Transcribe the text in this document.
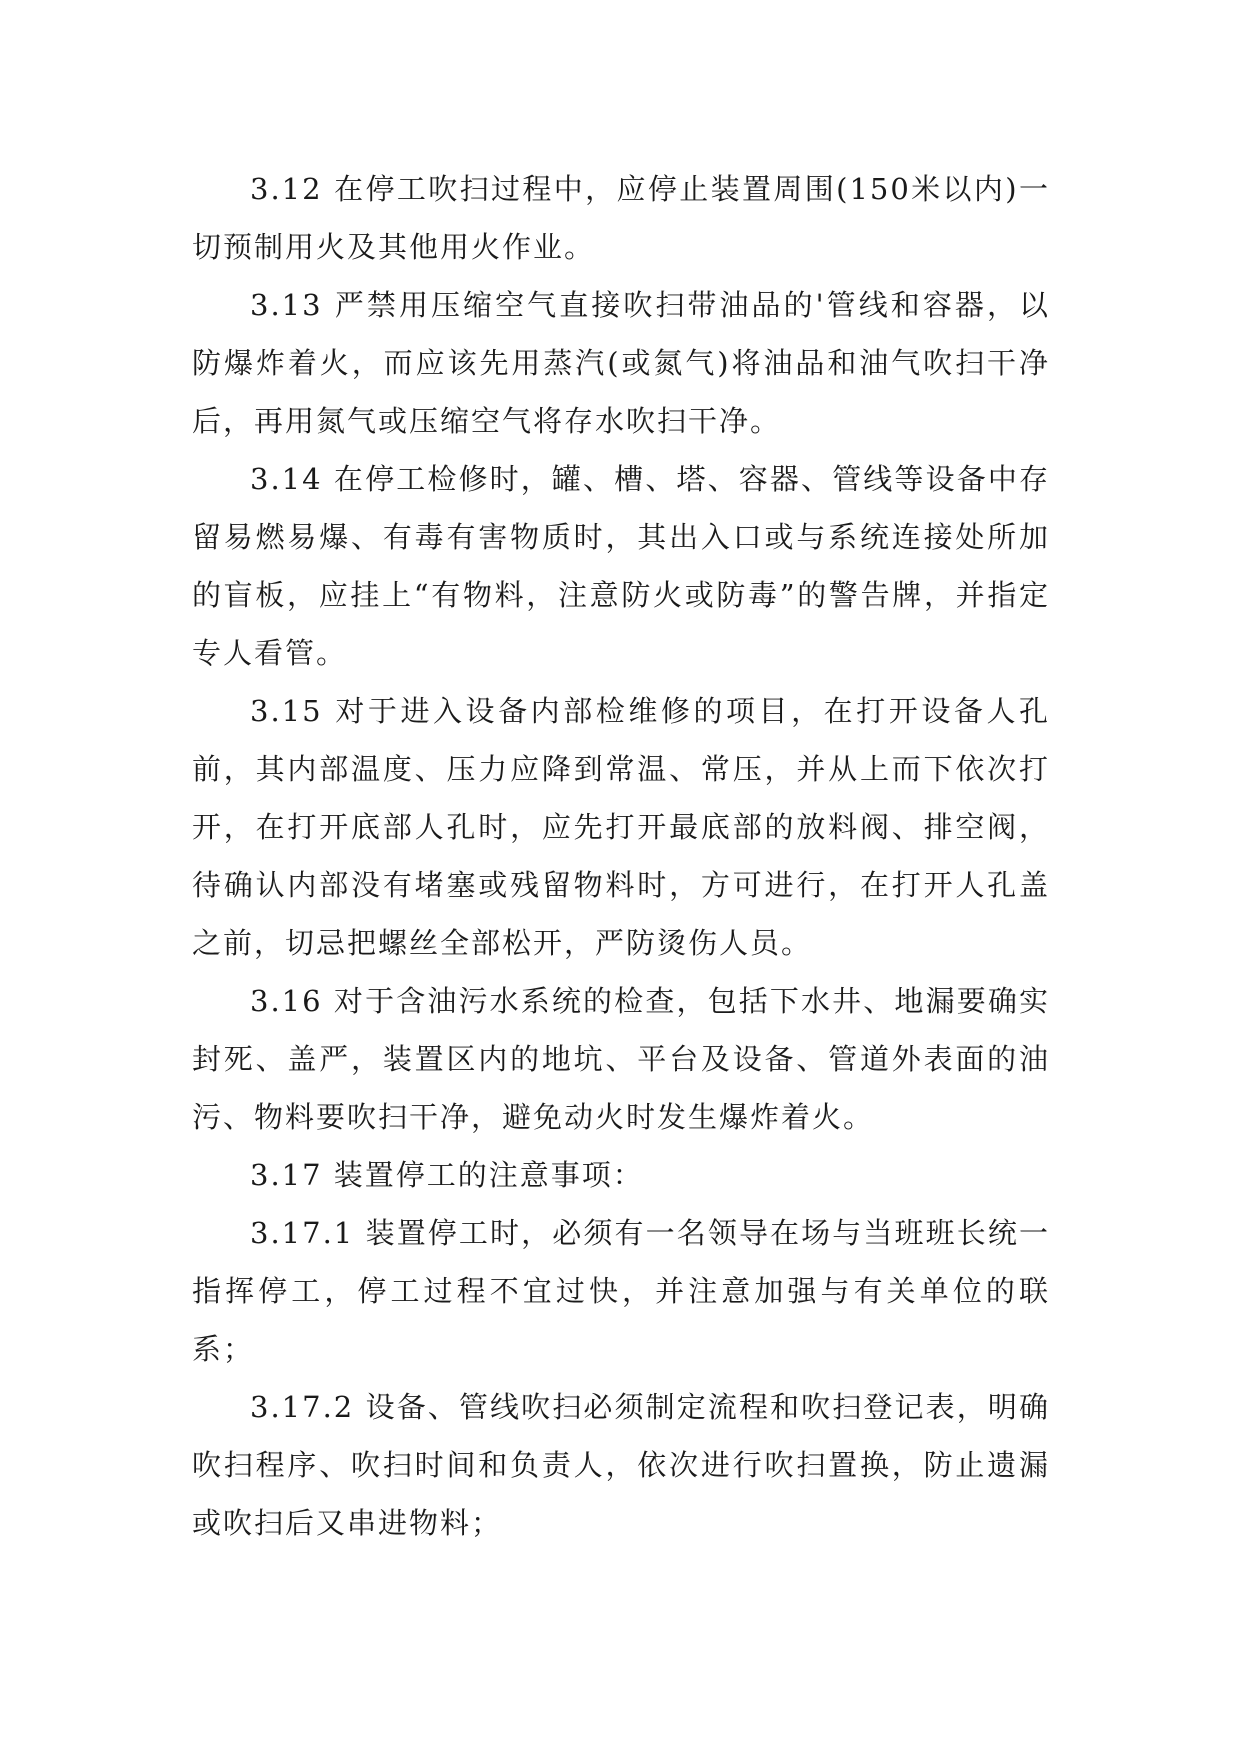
3.12 在停工吹扫过程中，应停止装置周围(150米以内)一切预制用火及其他用火作业。

3.13 严禁用压缩空气直接吹扫带油品的'管线和容器，以防爆炸着火，而应该先用蒸汽(或氮气)将油品和油气吹扫干净后，再用氮气或压缩空气将存水吹扫干净。

3.14 在停工检修时，罐、槽、塔、容器、管线等设备中存留易燃易爆、有毒有害物质时，其出入口或与系统连接处所加的盲板，应挂上“有物料，注意防火或防毒”的警告牌，并指定专人看管。

3.15 对于进入设备内部检维修的项目，在打开设备人孔前，其内部温度、压力应降到常温、常压，并从上而下依次打开，在打开底部人孔时，应先打开最底部的放料阀、排空阀，待确认内部没有堵塞或残留物料时，方可进行，在打开人孔盖之前，切忌把螺丝全部松开，严防烫伤人员。

3.16 对于含油污水系统的检查，包括下水井、地漏要确实封死、盖严，装置区内的地坑、平台及设备、管道外表面的油污、物料要吹扫干净，避免动火时发生爆炸着火。

3.17 装置停工的注意事项：

3.17.1 装置停工时，必须有一名领导在场与当班班长统一指挥停工，停工过程不宜过快，并注意加强与有关单位的联系；

3.17.2 设备、管线吹扫必须制定流程和吹扫登记表，明确吹扫程序、吹扫时间和负责人，依次进行吹扫置换，防止遗漏或吹扫后又串进物料；
